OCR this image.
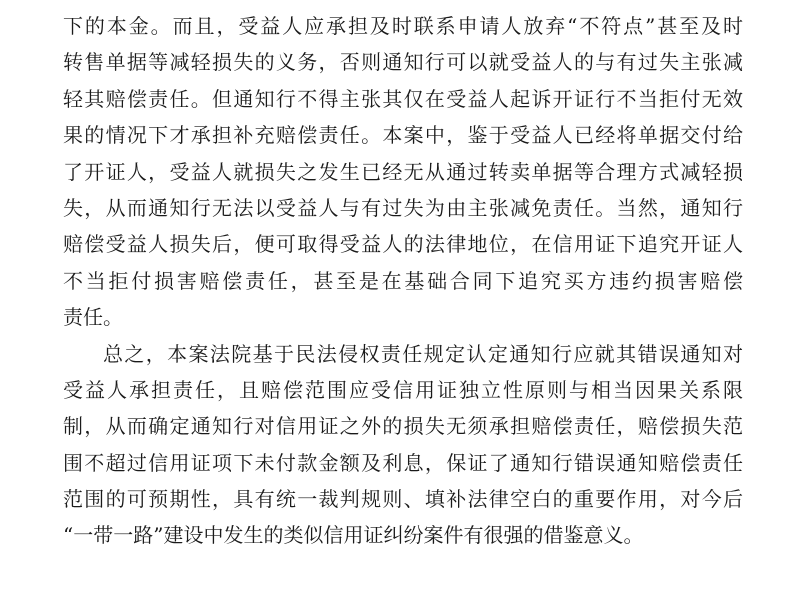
下的本金。而且，受益人应承担及时联系申请人放弃“不符点”甚至及时
转售单据等减轻损失的义务，否则通知行可以就受益人的与有过失主张减
轻其赔偿责任。但通知行不得主张其仅在受益人起诉开证行不当拒付无效
果的情况下才承担补充赔偿责任。本案中，鉴于受益人已经将单据交付给
了开证人，受益人就损失之发生已经无从通过转卖单据等合理方式减轻损
失，从而通知行无法以受益人与有过失为由主张减免责任。当然，通知行
赔偿受益人损失后，便可取得受益人的法律地位，在信用证下追究开证人
不当拒付损害赔偿责任，甚至是在基础合同下追究买方违约损害赔偿
责任。
总之，本案法院基于民法侵权责任规定认定通知行应就其错误通知对
受益人承担责任，且赔偿范围应受信用证独立性原则与相当因果关系限
制，从而确定通知行对信用证之外的损失无须承担赔偿责任，赔偿损失范
围不超过信用证项下未付款金额及利息，保证了通知行错误通知赔偿责任
范围的可预期性，具有统一裁判规则、填补法律空白的重要作用，对今后
“一带一路”建设中发生的类似信用证纠纷案件有很强的借鉴意义。
